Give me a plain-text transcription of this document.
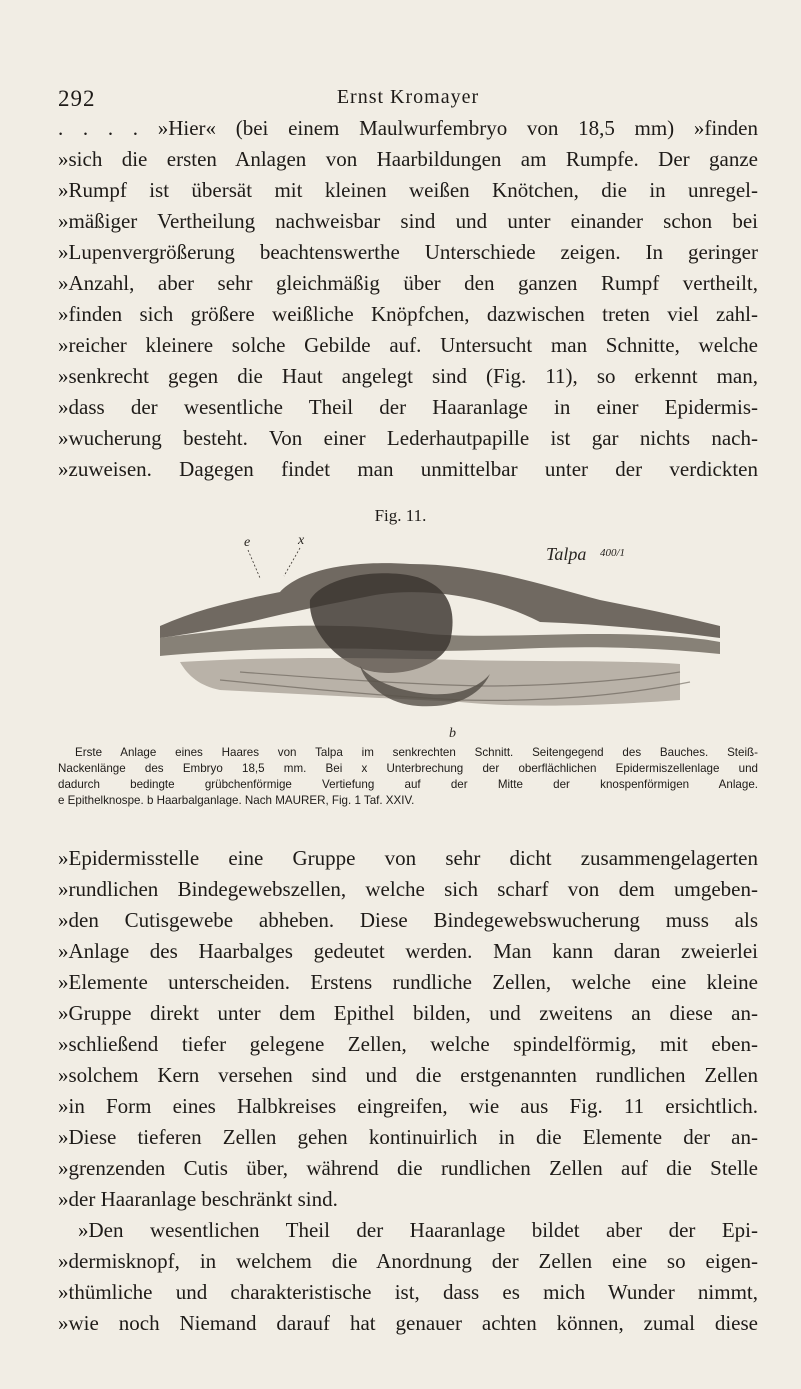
292	Ernst Kromayer
. . . . »Hier« (bei einem Maulwurfembryo von 18,5 mm) »finden
»sich die ersten Anlagen von Haarbildungen am Rumpfe. Der ganze
»Rumpf ist übersät mit kleinen weißen Knötchen, die in unregel-
»mäßiger Vertheilung nachweisbar sind und unter einander schon bei
»Lupenvergrößerung beachtenswerthe Unterschiede zeigen. In geringer
»Anzahl, aber sehr gleichmäßig über den ganzen Rumpf vertheilt,
»finden sich größere weißliche Knöpfchen, dazwischen treten viel zahl-
»reicher kleinere solche Gebilde auf. Untersucht man Schnitte, welche
»senkrecht gegen die Haut angelegt sind (Fig. 11), so erkennt man,
»dass der wesentliche Theil der Haaranlage in einer Epidermis-
»wucherung besteht. Von einer Lederhautpapille ist gar nichts nach-
»zuweisen. Dagegen findet man unmittelbar unter der verdickten
Fig. 11.
e	x
Talpa 400/1
b
Erste Anlage eines Haares von Talpa im senkrechten Schnitt. Seitengegend des Bauches. Steiß-
Nackenlänge des Embryo 18,5 mm. Bei x Unterbrechung der oberflächlichen Epidermiszellenlage und
dadurch bedingte grübchenförmige Vertiefung auf der Mitte der knospenförmigen Anlage.
e Epithelknospe. b Haarbalganlage. Nach MAURER, Fig. 1 Taf. XXIV.
»Epidermisstelle eine Gruppe von sehr dicht zusammengelagerten
»rundlichen Bindegewebszellen, welche sich scharf von dem umgeben-
»den Cutisgewebe abheben. Diese Bindegewebswucherung muss als
»Anlage des Haarbalges gedeutet werden. Man kann daran zweierlei
»Elemente unterscheiden. Erstens rundliche Zellen, welche eine kleine
»Gruppe direkt unter dem Epithel bilden, und zweitens an diese an-
»schließend tiefer gelegene Zellen, welche spindelförmig, mit eben-
»solchem Kern versehen sind und die erstgenannten rundlichen Zellen
»in Form eines Halbkreises eingreifen, wie aus Fig. 11 ersichtlich.
»Diese tieferen Zellen gehen kontinuirlich in die Elemente der an-
»grenzenden Cutis über, während die rundlichen Zellen auf die Stelle
»der Haaranlage beschränkt sind.
»Den wesentlichen Theil der Haaranlage bildet aber der Epi-
»dermisknopf, in welchem die Anordnung der Zellen eine so eigen-
»thümliche und charakteristische ist, dass es mich Wunder nimmt,
»wie noch Niemand darauf hat genauer achten können, zumal diese
